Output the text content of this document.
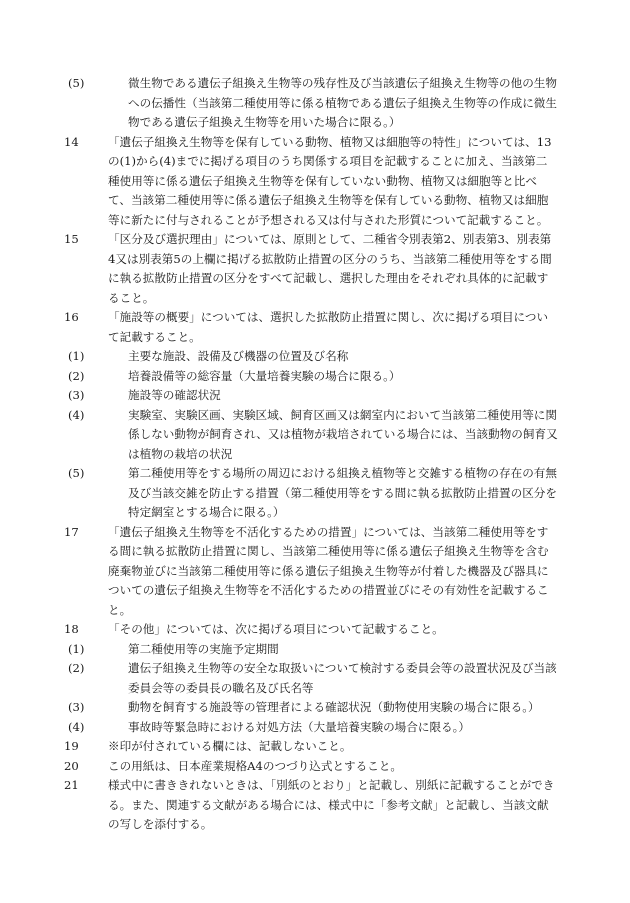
(5)	微生物である遺伝子組換え生物等の残存性及び当該遺伝子組換え生物等の他の生物への伝播性（当該第二種使用等に係る植物である遺伝子組換え生物等の作成に微生物である遺伝子組換え生物等を用いた場合に限る。）

14	「遺伝子組換え生物等を保有している動物、植物又は細胞等の特性」については、13の(1)から(4)までに掲げる項目のうち関係する項目を記載することに加え、当該第二種使用等に係る遺伝子組換え生物等を保有していない動物、植物又は細胞等と比べて、当該第二種使用等に係る遺伝子組換え生物等を保有している動物、植物又は細胞等に新たに付与されることが予想される又は付与された形質について記載すること。

15	「区分及び選択理由」については、原則として、二種省令別表第2、別表第3、別表第4又は別表第5の上欄に掲げる拡散防止措置の区分のうち、当該第二種使用等をする間に執る拡散防止措置の区分をすべて記載し、選択した理由をそれぞれ具体的に記載すること。

16	「施設等の概要」については、選択した拡散防止措置に関し、次に掲げる項目について記載すること。

(1)	主要な施設、設備及び機器の位置及び名称

(2)	培養設備等の総容量（大量培養実験の場合に限る。）

(3)	施設等の確認状況

(4)	実験室、実験区画、実験区域、飼育区画又は網室内において当該第二種使用等に関係しない動物が飼育され、又は植物が栽培されている場合には、当該動物の飼育又は植物の栽培の状況

(5)	第二種使用等をする場所の周辺における組換え植物等と交雑する植物の存在の有無及び当該交雑を防止する措置（第二種使用等をする間に執る拡散防止措置の区分を特定網室とする場合に限る。）

17	「遺伝子組換え生物等を不活化するための措置」については、当該第二種使用等をする間に執る拡散防止措置に関し、当該第二種使用等に係る遺伝子組換え生物等を含む廃棄物並びに当該第二種使用等に係る遺伝子組換え生物等が付着した機器及び器具についての遺伝子組換え生物等を不活化するための措置並びにその有効性を記載すること。

18	「その他」については、次に掲げる項目について記載すること。

(1)	第二種使用等の実施予定期間

(2)	遺伝子組換え生物等の安全な取扱いについて検討する委員会等の設置状況及び当該委員会等の委員長の職名及び氏名等

(3)	動物を飼育する施設等の管理者による確認状況（動物使用実験の場合に限る。）

(4)	事故時等緊急時における対処方法（大量培養実験の場合に限る。）

19	※印が付されている欄には、記載しないこと。

20	この用紙は、日本産業規格A4のつづり込式とすること。

21	様式中に書ききれないときは、「別紙のとおり」と記載し、別紙に記載することができる。また、関連する文献がある場合には、様式中に「参考文献」と記載し、当該文献の写しを添付する。
